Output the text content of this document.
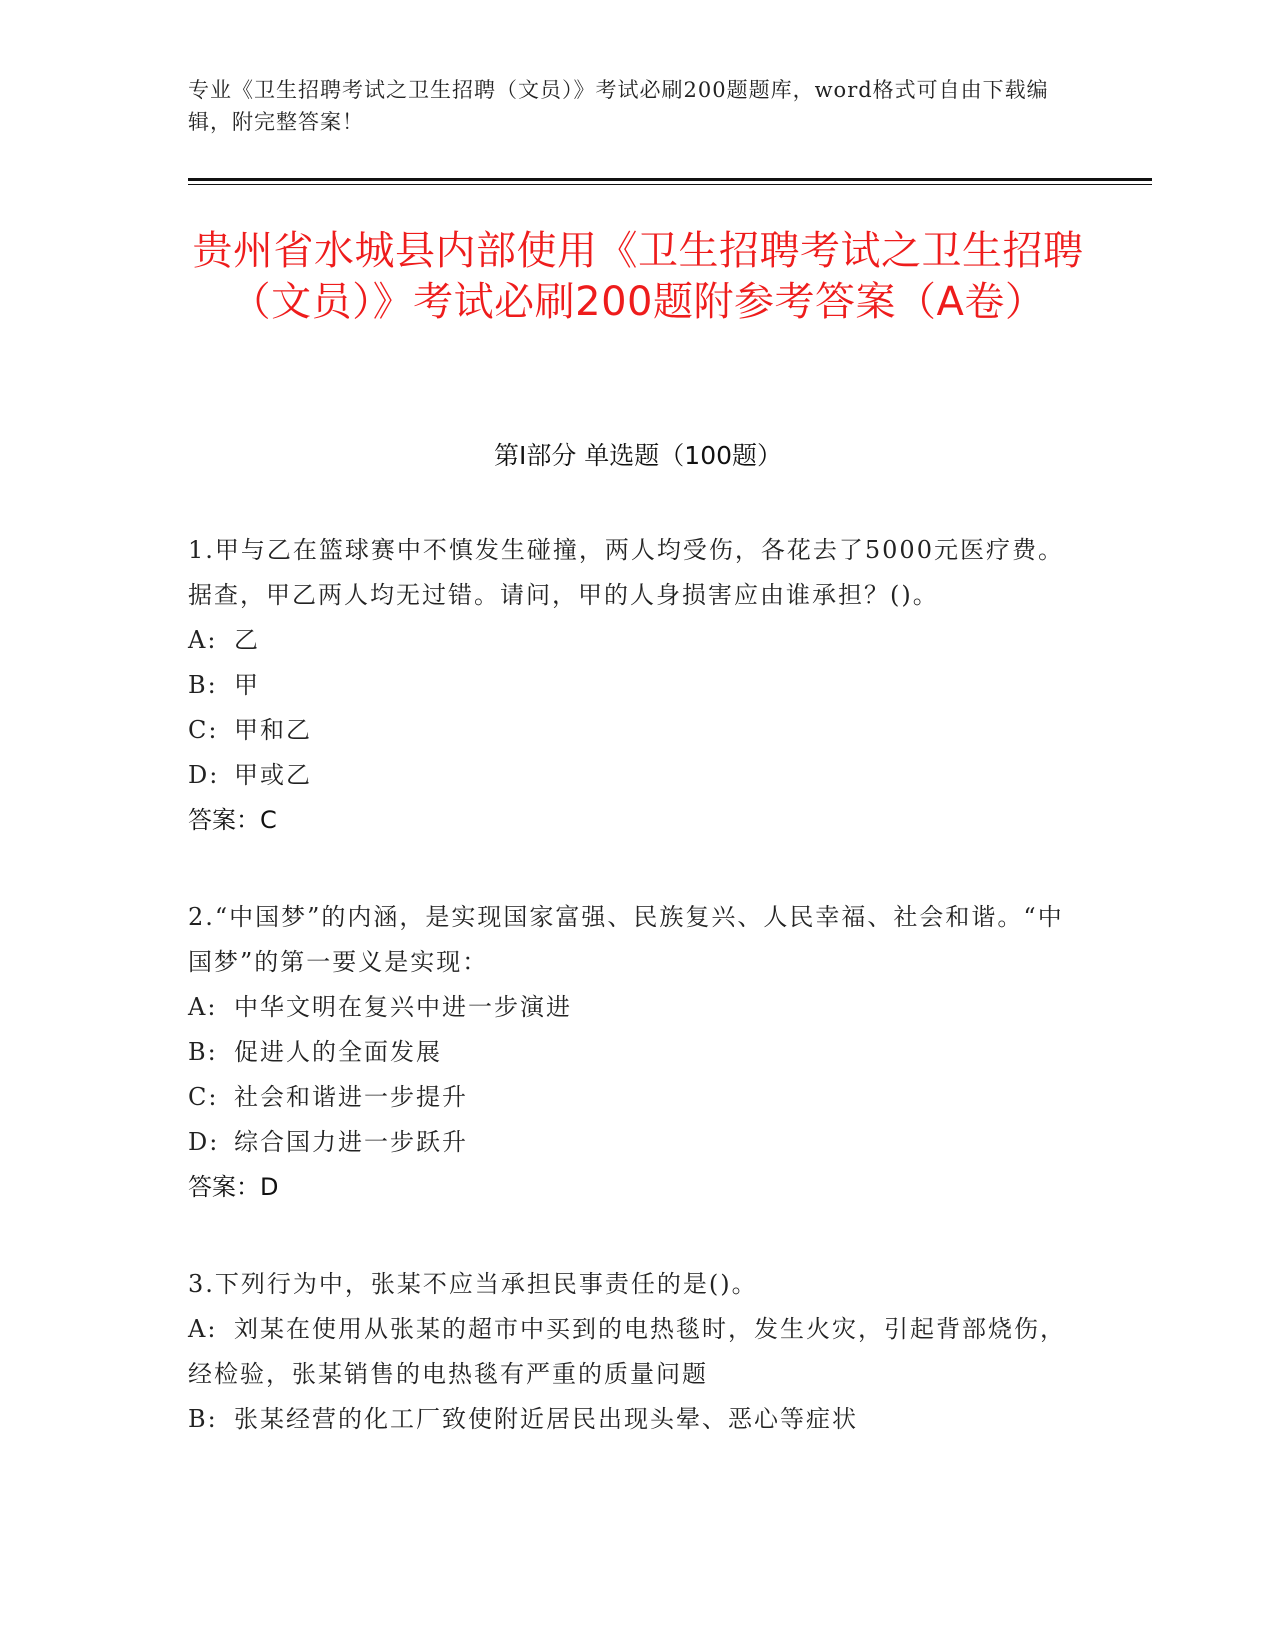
专业《卫生招聘考试之卫生招聘（文员）》考试必刷200题题库，word格式可自由下载编辑，附完整答案！
贵州省水城县内部使用《卫生招聘考试之卫生招聘（文员）》考试必刷200题附参考答案（A卷）
第Ⅰ部分 单选题（100题）
1.甲与乙在篮球赛中不慎发生碰撞，两人均受伤，各花去了5000元医疗费。据查，甲乙两人均无过错。请问，甲的人身损害应由谁承担？()。
A: 乙
B: 甲
C: 甲和乙
D: 甲或乙
答案：C
2.“中国梦”的内涵，是实现国家富强、民族复兴、人民幸福、社会和谐。“中国梦”的第一要义是实现：
A: 中华文明在复兴中进一步演进
B: 促进人的全面发展
C: 社会和谐进一步提升
D: 综合国力进一步跃升
答案：D
3.下列行为中，张某不应当承担民事责任的是()。
A: 刘某在使用从张某的超市中买到的电热毯时，发生火灾，引起背部烧伤，经检验，张某销售的电热毯有严重的质量问题
B: 张某经营的化工厂致使附近居民出现头晕、恶心等症状
